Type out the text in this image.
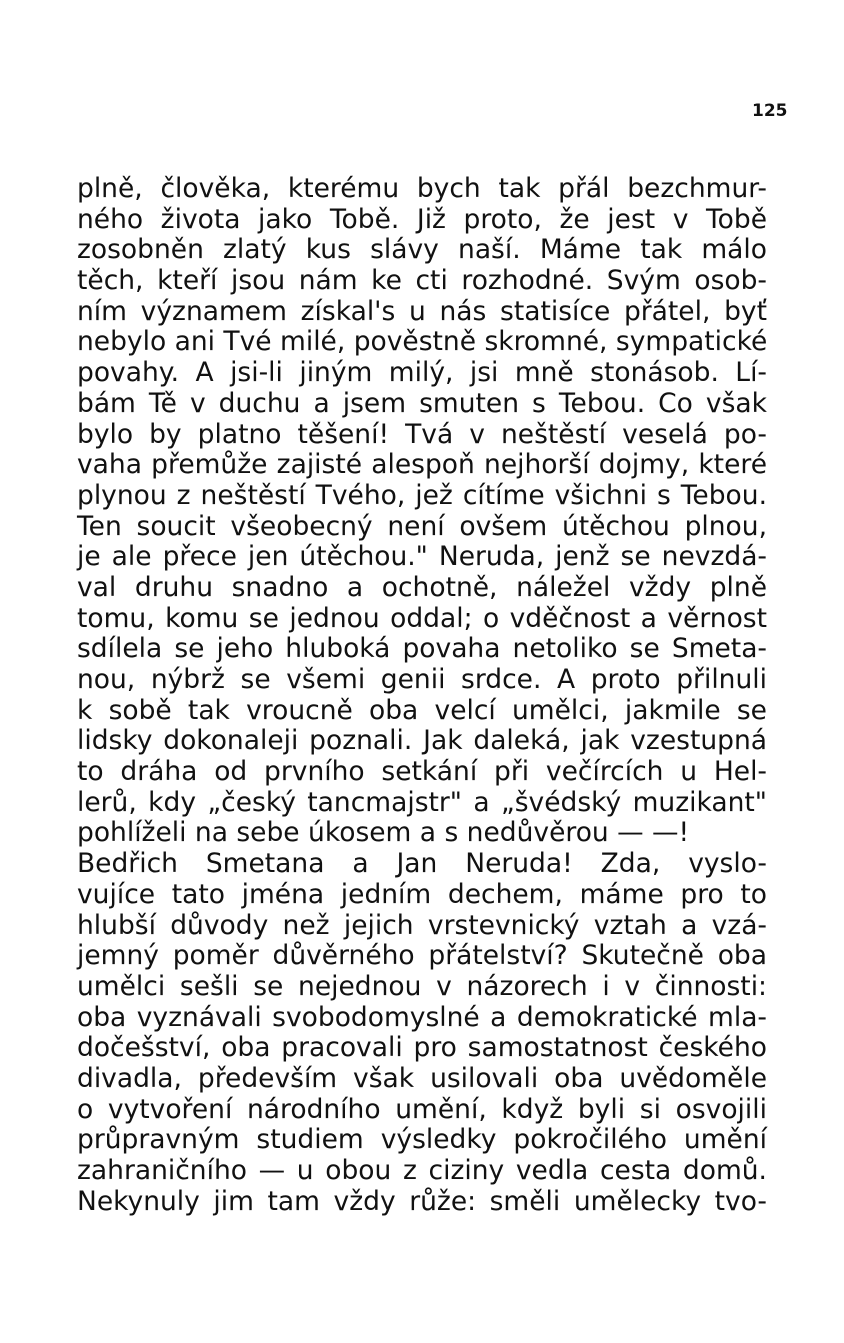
125
plně, člověka, kterému bych tak přál bezchmur-
ného života jako Tobě. Již proto, že jest v Tobě
zosobněn zlatý kus slávy naší. Máme tak málo
těch, kteří jsou nám ke cti rozhodné. Svým osob-
ním významem získal's u nás statisíce přátel, byť
nebylo ani Tvé milé, pověstně skromné, sympatické
povahy. A jsi-li jiným milý, jsi mně stonásob. Lí-
bám Tě v duchu a jsem smuten s Tebou. Co však
bylo by platno těšení! Tvá v neštěstí veselá po-
vaha přemůže zajisté alespoň nejhorší dojmy, které
plynou z neštěstí Tvého, jež cítíme všichni s Tebou.
Ten soucit všeobecný není ovšem útěchou plnou,
je ale přece jen útěchou." Neruda, jenž se nevzdá-
val druhu snadno a ochotně, náležel vždy plně
tomu, komu se jednou oddal; o vděčnost a věrnost
sdílela se jeho hluboká povaha netoliko se Smeta-
nou, nýbrž se všemi genii srdce. A proto přilnuli
k sobě tak vroucně oba velcí umělci, jakmile se
lidsky dokonaleji poznali. Jak daleká, jak vzestupná
to dráha od prvního setkání při večírcích u Hel-
lerů, kdy „český tancmajstr" a „švédský muzikant"
pohlíželi na sebe úkosem a s nedůvěrou — —!
Bedřich Smetana a Jan Neruda! Zda, vyslo-
vujíce tato jména jedním dechem, máme pro to
hlubší důvody než jejich vrstevnický vztah a vzá-
jemný poměr důvěrného přátelství? Skutečně oba
umělci sešli se nejednou v názorech i v činnosti:
oba vyznávali svobodomyslné a demokratické mla-
dočešství, oba pracovali pro samostatnost českého
divadla, především však usilovali oba uvědoměle
o vytvoření národního umění, když byli si osvojili
průpravným studiem výsledky pokročilého umění
zahraničního — u obou z ciziny vedla cesta domů.
Nekynuly jim tam vždy růže: směli umělecky tvo-
